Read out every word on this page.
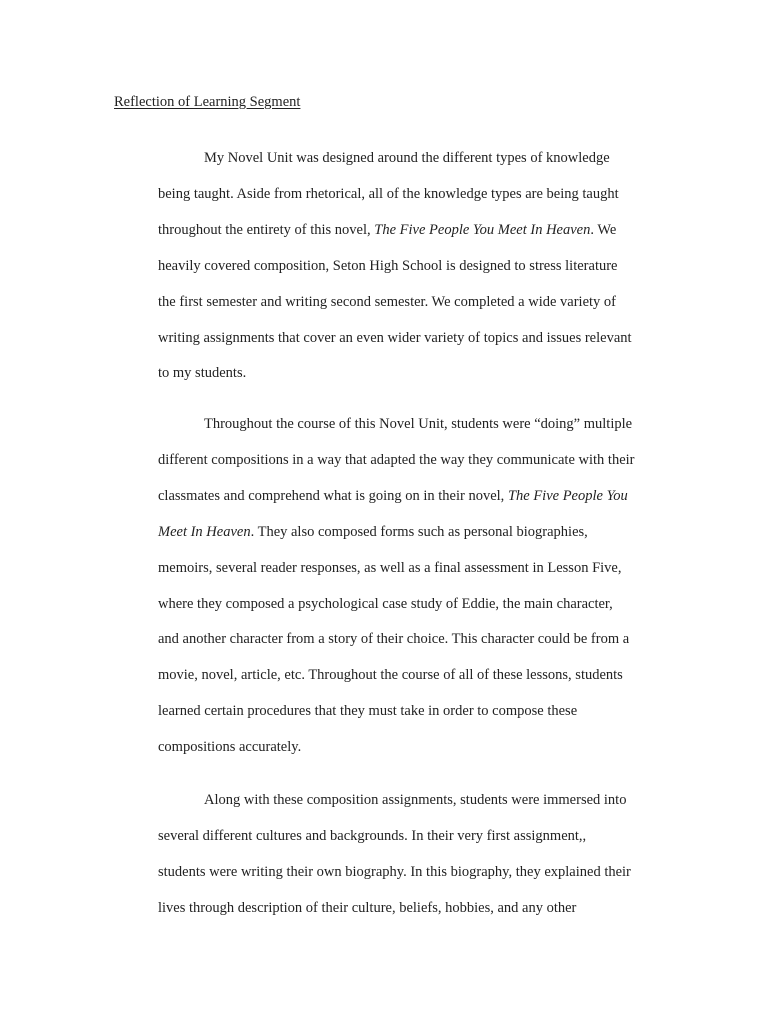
Reflection of Learning Segment
My Novel Unit was designed around the different types of knowledge
being taught. Aside from rhetorical, all of the knowledge types are being taught
throughout the entirety of this novel, The Five People You Meet In Heaven. We
heavily covered composition, Seton High School is designed to stress literature
the first semester and writing second semester. We completed a wide variety of
writing assignments that cover an even wider variety of topics and issues relevant
to my students.
Throughout the course of this Novel Unit, students were “doing” multiple
different compositions in a way that adapted the way they communicate with their
classmates and comprehend what is going on in their novel, The Five People You
Meet In Heaven. They also composed forms such as personal biographies,
memoirs, several reader responses, as well as a final assessment in Lesson Five,
where they composed a psychological case study of Eddie, the main character,
and another character from a story of their choice. This character could be from a
movie, novel, article, etc. Throughout the course of all of these lessons, students
learned certain procedures that they must take in order to compose these
compositions accurately.
Along with these composition assignments, students were immersed into
several different cultures and backgrounds. In their very first assignment,,
students were writing their own biography. In this biography, they explained their
lives through description of their culture, beliefs, hobbies, and any other
